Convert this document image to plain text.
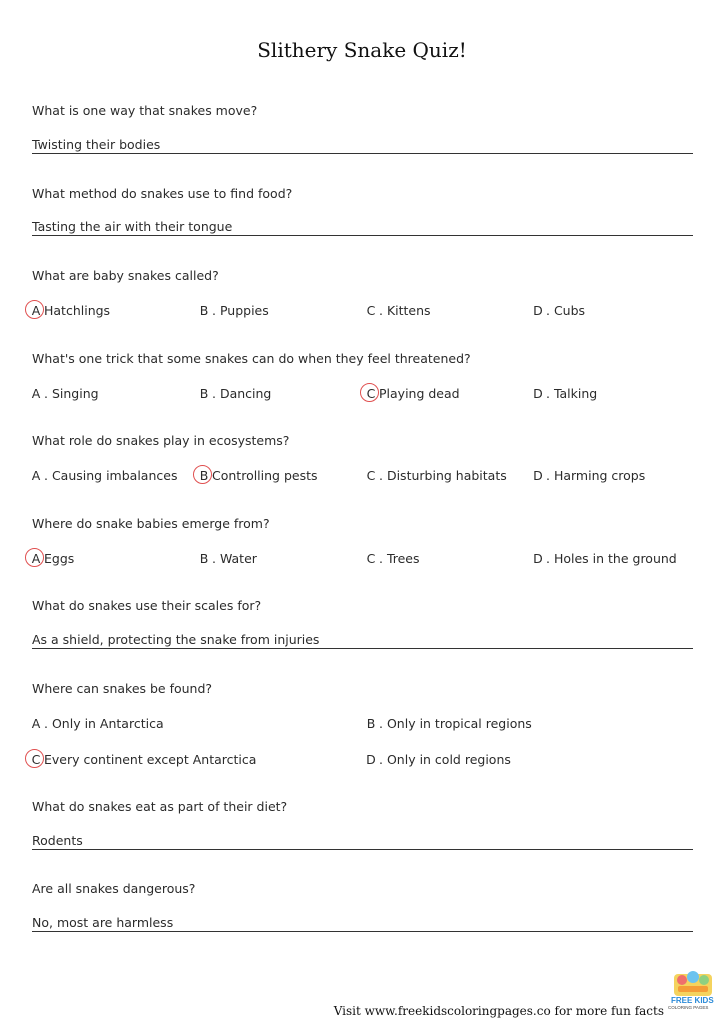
Slithery Snake Quiz!
What is one way that snakes move?
Twisting their bodies
What method do snakes use to find food?
Tasting the air with their tongue
What are baby snakes called?
A Hatchlings	B . Puppies	C . Kittens	D . Cubs
What's one trick that some snakes can do when they feel threatened?
A . Singing	B . Dancing	C Playing dead	D . Talking
What role do snakes play in ecosystems?
A . Causing imbalances B Controlling pests	C . Disturbing habitats D . Harming crops
Where do snake babies emerge from?
A Eggs	B . Water	C . Trees	D . Holes in the ground
What do snakes use their scales for?
As a shield, protecting the snake from injuries
Where can snakes be found?
A . Only in Antarctica	B . Only in tropical regions
C Every continent except Antarctica	D . Only in cold regions
What do snakes eat as part of their diet?
Rodents
Are all snakes dangerous?
No, most are harmless
Visit www.freekidscoloringpages.co for more fun facts
FREE KIDS
COLORING PAGES
